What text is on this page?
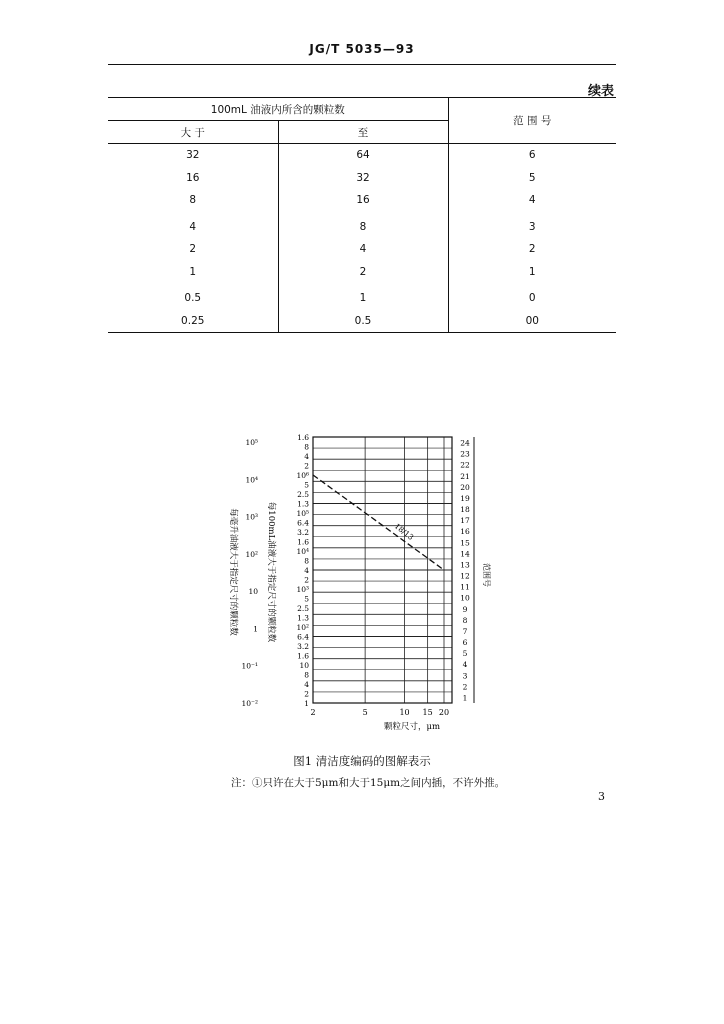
JG/T 5035—93
续表
100mL 油液内所含的颗粒数		范 围 号
大 于	至	
32	64	6
16	32	5
8	16	4
4	8	3
2	4	2
1	2	1
0.5	1	0
0.25	0.5	00
2	5	10 15 20
24
23
22
21
20
19
18
17
16
15
14
13
12
11
10
9
8
7
6
5
4
3
2
1
1.6
8
4
2
10⁶
5
2.5
1.3
10⁵
6.4
3.2
1.6
10⁴
8
4
2
10³
5
2.5
1.3
10²
6.4
3.2
1.6
10
8
4
2
1
10⁵
10⁴
10³
10²
10
1
10⁻¹
10⁻²
颗粒尺寸，μm
每毫升油液大于指定尺寸的颗粒数	每100mL油液大于指定尺寸的颗粒数	范围号
18/13
图1 清洁度编码的图解表示
注：①只许在大于5μm和大于15μm之间内插，不许外推。
3
